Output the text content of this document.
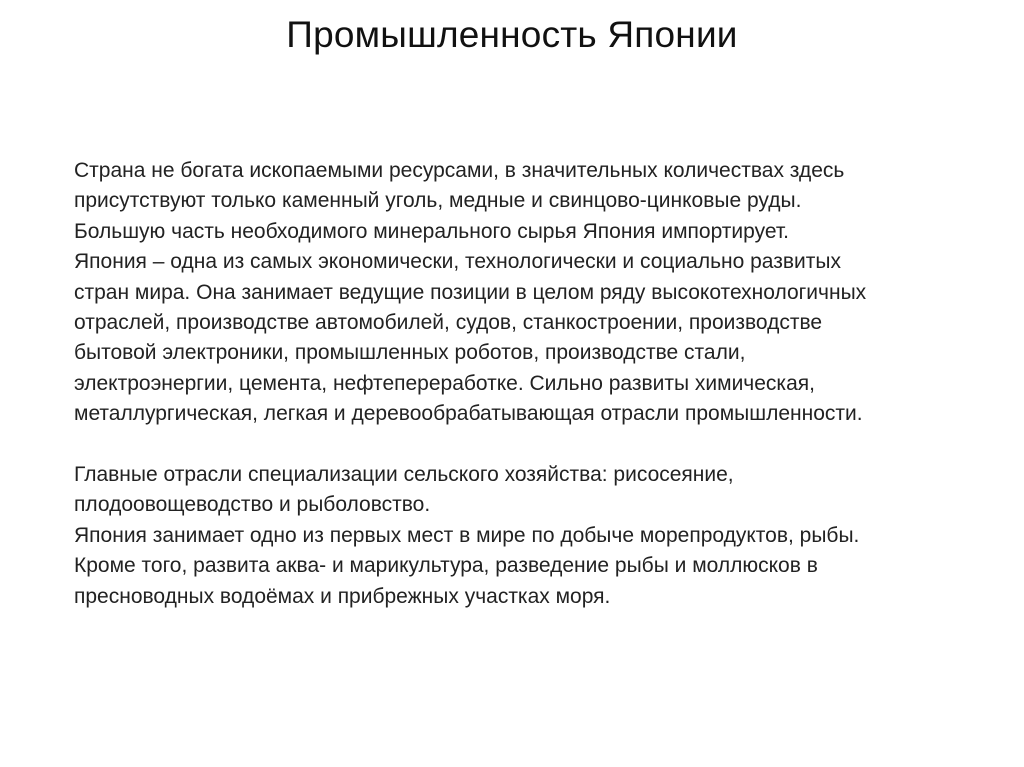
Промышленность Японии
Страна не богата ископаемыми ресурсами, в значительных количествах здесь
присутствуют только каменный уголь, медные и свинцово-цинковые руды.
Большую часть необходимого минерального сырья Япония импортирует.
Япония – одна из самых экономически, технологически и социально развитых
стран мира. Она занимает ведущие позиции в целом ряду высокотехнологичных
отраслей, производстве автомобилей, судов, станкостроении, производстве
бытовой электроники, промышленных роботов, производстве стали,
электроэнергии, цемента, нефтепереработке. Сильно развиты химическая,
металлургическая, легкая и деревообрабатывающая отрасли промышленности.
Главные отрасли специализации сельского хозяйства: рисосеяние,
плодоовощеводство и рыболовство.
Япония занимает одно из первых мест в мире по добыче морепродуктов, рыбы.
Кроме того, развита аква- и марикультура, разведение рыбы и моллюсков в
пресноводных водоёмах и прибрежных участках моря.
